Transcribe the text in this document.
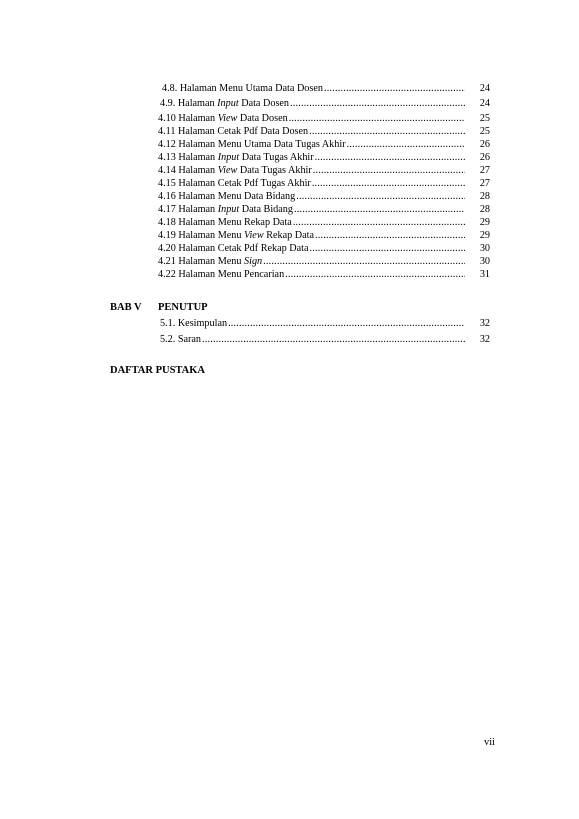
4.8. Halaman Menu Utama Data Dosen .....	24
4.9. Halaman Input Data Dosen .....	24
4.10 Halaman View Data Dosen .....	25
4.11 Halaman Cetak Pdf Data Dosen .....	25
4.12 Halaman Menu Utama Data Tugas Akhir .....	26
4.13 Halaman Input Data Tugas Akhir .....	26
4.14 Halaman View Data Tugas Akhir .....	27
4.15 Halaman Cetak Pdf Tugas Akhir .....	27
4.16 Halaman Menu Data Bidang .....	28
4.17 Halaman Input Data Bidang .....	28
4.18 Halaman Menu Rekap Data .....	29
4.19 Halaman Menu View Rekap Data .....	29
4.20 Halaman Cetak Pdf Rekap Data .....	30
4.21 Halaman Menu Sign .....	30
4.22 Halaman Menu Pencarian .....	31
BAB V PENUTUP
5.1. Kesimpulan .....	32
5.2. Saran .....	32
DAFTAR PUSTAKA
vii
